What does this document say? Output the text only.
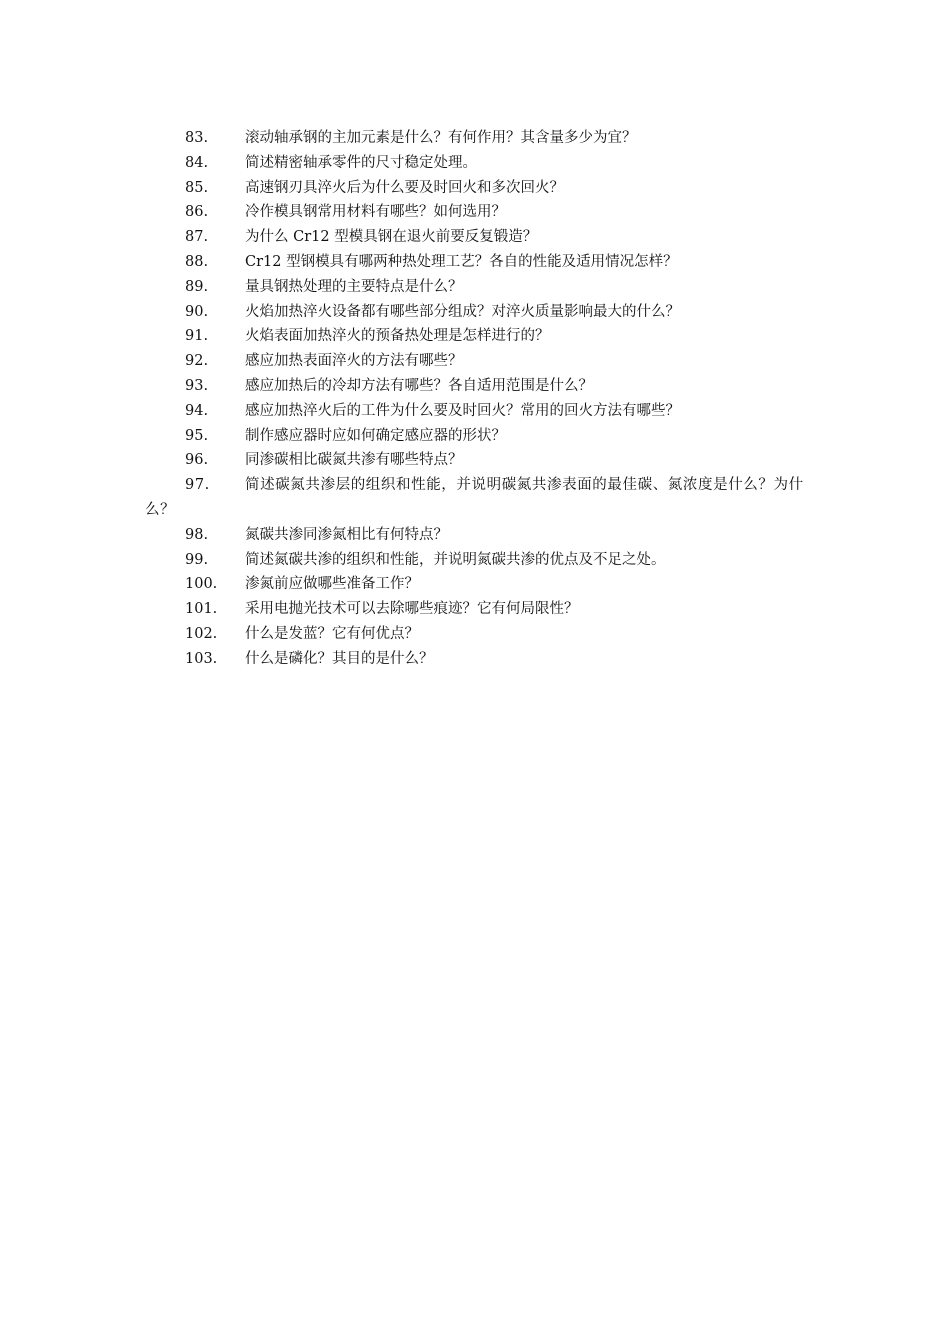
83.	滚动轴承钢的主加元素是什么？有何作用？其含量多少为宜？
84.	简述精密轴承零件的尺寸稳定处理。
85.	高速钢刃具淬火后为什么要及时回火和多次回火？
86.	冷作模具钢常用材料有哪些？如何选用？
87.	为什么 Cr12 型模具钢在退火前要反复锻造？
88.	Cr12 型钢模具有哪两种热处理工艺？各自的性能及适用情况怎样？
89.	量具钢热处理的主要特点是什么？
90.	火焰加热淬火设备都有哪些部分组成？对淬火质量影响最大的什么？
91.	火焰表面加热淬火的预备热处理是怎样进行的？
92.	感应加热表面淬火的方法有哪些？
93.	感应加热后的冷却方法有哪些？各自适用范围是什么？
94.	感应加热淬火后的工件为什么要及时回火？常用的回火方法有哪些？
95.	制作感应器时应如何确定感应器的形状？
96.	同渗碳相比碳氮共渗有哪些特点？
97.	简述碳氮共渗层的组织和性能，并说明碳氮共渗表面的最佳碳、氮浓度是什么？为什么？
98.	氮碳共渗同渗氮相比有何特点？
99.	简述氮碳共渗的组织和性能，并说明氮碳共渗的优点及不足之处。
100.	渗氮前应做哪些准备工作？
101.	采用电抛光技术可以去除哪些痕迹？它有何局限性？
102.	什么是发蓝？它有何优点？
103.	什么是磷化？其目的是什么？
